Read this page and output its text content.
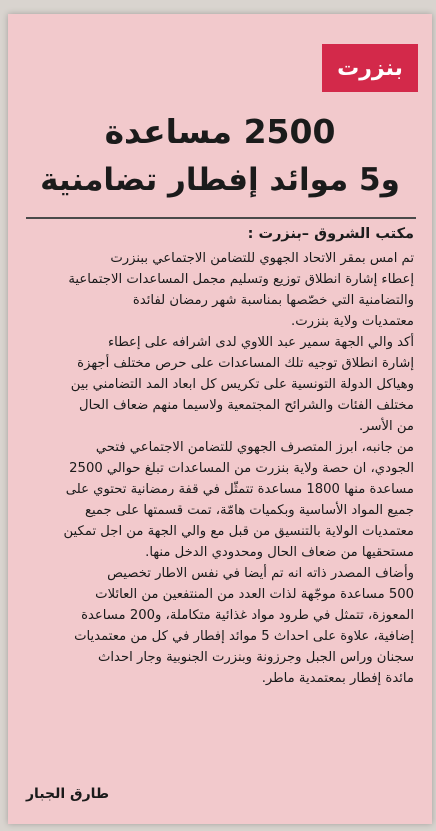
بنزرت
2500 مساعدة
و5 موائد إفطار تضامنية
مكتب الشروق –بنزرت :
تم امس بمقر الاتحاد الجهوي للتضامن الاجتماعي ببنزرت
إعطاء إشارة انطلاق توزيع وتسليم مجمل المساعدات الاجتماعية
والتضامنية التي خصّصها بمناسبة شهر رمضان لفائدة
معتمديات ولاية بنزرت.
أكد والي الجهة سمير عبد اللاوي لدى اشرافه على إعطاء
إشارة انطلاق توجيه تلك المساعدات على حرص مختلف أجهزة
وهياكل الدولة التونسية على تكريس كل ابعاد المد التضامني بين
مختلف الفئات والشرائح المجتمعية ولاسيما منهم ضعاف الحال
من الأسر.
من جانبه، ابرز المتصرف الجهوي للتضامن الاجتماعي فتحي
الجودي، ان حصة ولاية بنزرت من المساعدات تبلغ حوالي 2500
مساعدة منها 1800 مساعدة تتمثّل في قفة رمضانية تحتوي على
جميع المواد الأساسية وبكميات هامّة، تمت قسمتها على جميع
معتمديات الولاية بالتنسيق من قبل مع والي الجهة من اجل تمكين
مستحقيها من ضعاف الحال ومحدودي الدخل منها.
وأضاف المصدر ذاته انه تم أيضا في نفس الاطار تخصيص
500 مساعدة موجّهة لذات العدد من المنتفعين من العائلات
المعوزة، تتمثل في طرود مواد غذائية متكاملة، و200 مساعدة
إضافية، علاوة على احداث 5 موائد إفطار في كل من معتمديات
سجنان وراس الجبل وجرزونة وبنزرت الجنوبية وجار احداث
مائدة إفطار بمعتمدية ماطر.
طارق الجبار
